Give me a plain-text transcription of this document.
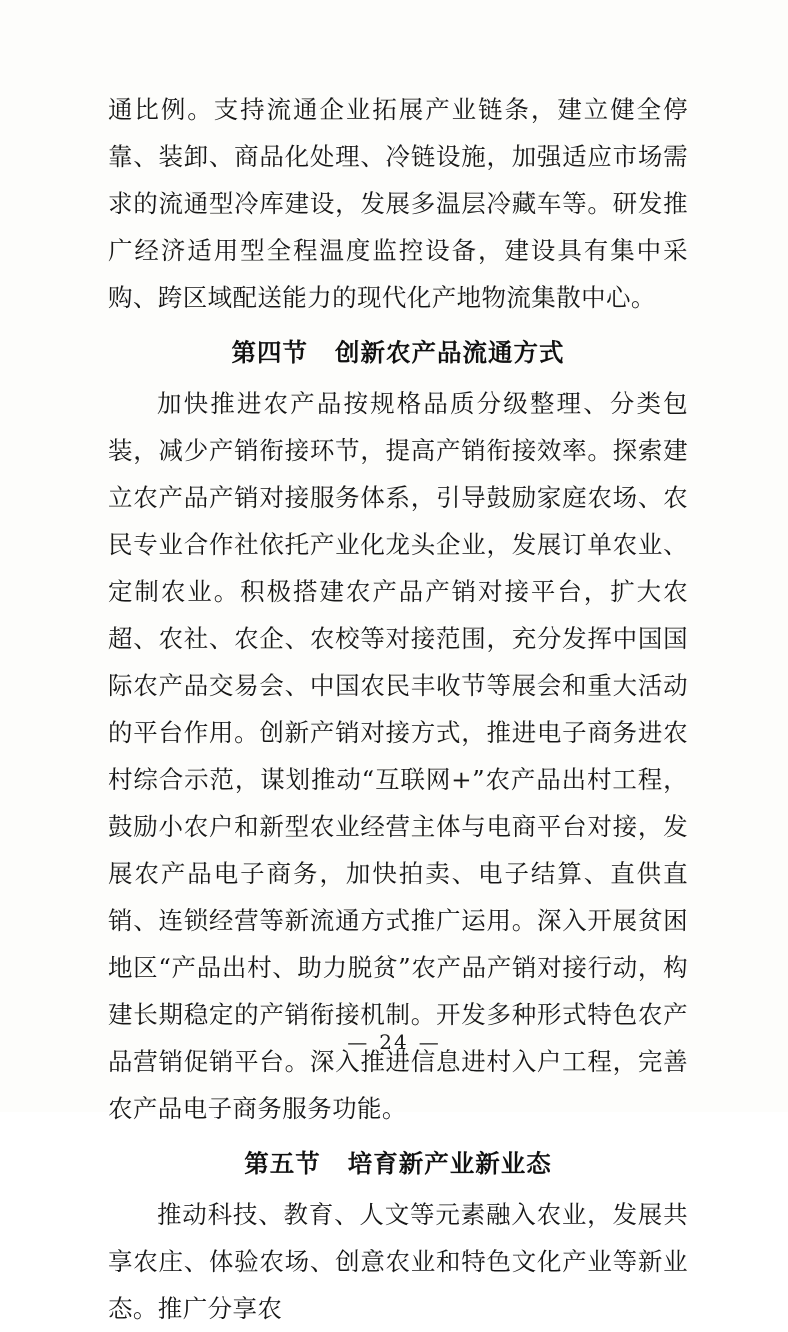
通比例。支持流通企业拓展产业链条，建立健全停靠、装卸、商品化处理、冷链设施，加强适应市场需求的流通型冷库建设，发展多温层冷藏车等。研发推广经济适用型全程温度监控设备，建设具有集中采购、跨区域配送能力的现代化产地物流集散中心。

第四节 创新农产品流通方式

加快推进农产品按规格品质分级整理、分类包装，减少产销衔接环节，提高产销衔接效率。探索建立农产品产销对接服务体系，引导鼓励家庭农场、农民专业合作社依托产业化龙头企业，发展订单农业、定制农业。积极搭建农产品产销对接平台，扩大农超、农社、农企、农校等对接范围，充分发挥中国国际农产品交易会、中国农民丰收节等展会和重大活动的平台作用。创新产销对接方式，推进电子商务进农村综合示范，谋划推动“互联网+”农产品出村工程，鼓励小农户和新型农业经营主体与电商平台对接，发展农产品电子商务，加快拍卖、电子结算、直供直销、连锁经营等新流通方式推广运用。深入开展贫困地区“产品出村、助力脱贫”农产品产销对接行动，构建长期稳定的产销衔接机制。开发多种形式特色农产品营销促销平台。深入推进信息进村入户工程，完善农产品电子商务服务功能。

第五节 培育新产业新业态

推动科技、教育、人文等元素融入农业，发展共享农庄、体验农场、创意农业和特色文化产业等新业态。推广分享农

— 24 —
